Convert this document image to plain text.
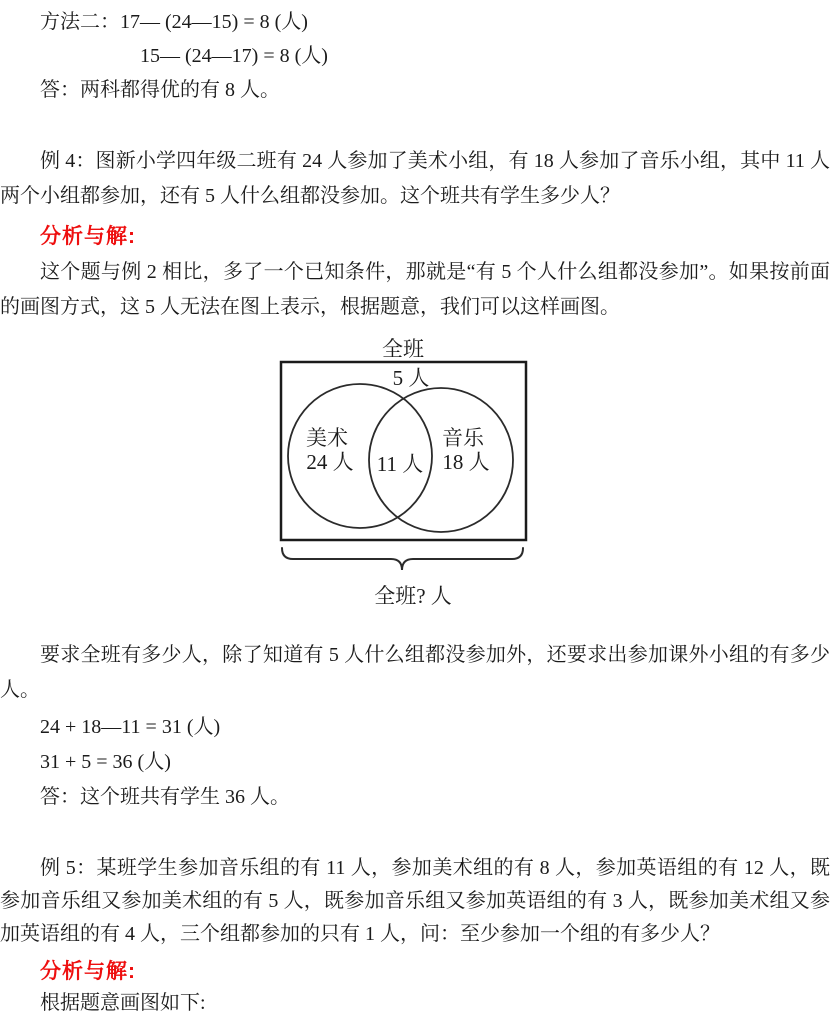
方法二：17— (24—15) = 8 (人)
15— (24—17) = 8 (人)
答：两科都得优的有 8 人。

例 4：图新小学四年级二班有 24 人参加了美术小组，有 18 人参加了音乐小组，其中 11 人两个小组都参加，还有 5 人什么组都没参加。这个班共有学生多少人？

分析与解:

这个题与例 2 相比，多了一个已知条件，那就是“有 5 个人什么组都没参加”。如果按前面的画图方式，这 5 人无法在图上表示，根据题意，我们可以这样画图。

全班
5 人
美术
24 人 11 人
音乐
18 人
全班? 人

要求全班有多少人，除了知道有 5 人什么组都没参加外，还要求出参加课外小组的有多少人。

24 + 18—11 = 31 (人)
31 + 5 = 36 (人)
答：这个班共有学生 36 人。

例 5：某班学生参加音乐组的有 11 人，参加美术组的有 8 人，参加英语组的有 12 人，既参加音乐组又参加美术组的有 5 人，既参加音乐组又参加英语组的有 3 人，既参加美术组又参加英语组的有 4 人，三个组都参加的只有 1 人，问：至少参加一个组的有多少人？

分析与解:
根据题意画图如下:
